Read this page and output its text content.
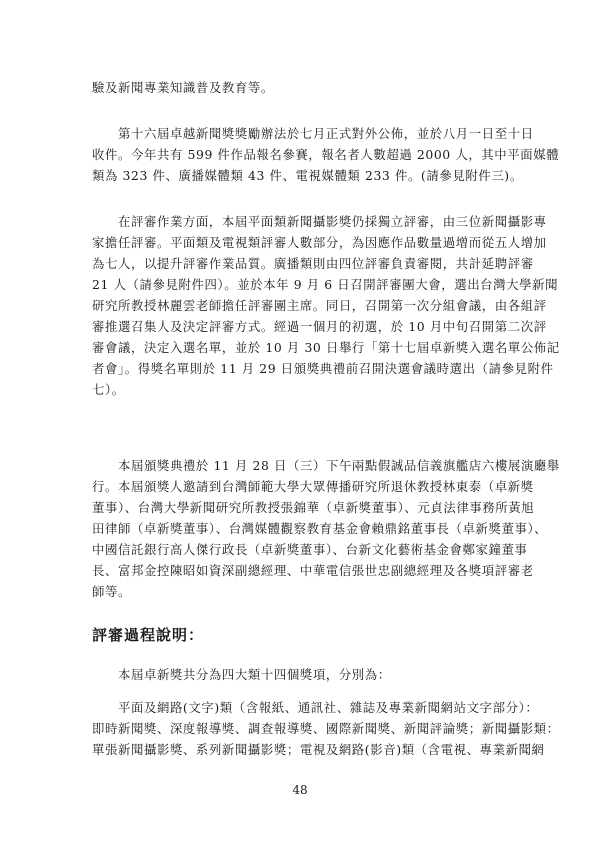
驗及新聞專業知識普及教育等。

　　第十六屆卓越新聞獎獎勵辦法於七月正式對外公佈，並於八月一日至十日
收件。今年共有 599 件作品報名參賽，報名者人數超過 2000 人，其中平面媒體
類為 323 件、廣播媒體類 43 件、電視媒體類 233 件。(請參見附件三)。

　　在評審作業方面，本屆平面類新聞攝影獎仍採獨立評審，由三位新聞攝影專
家擔任評審。平面類及電視類評審人數部分，為因應作品數量過增而從五人增加
為七人，以提升評審作業品質。廣播類則由四位評審負責審閱，共計延聘評審
21 人（請參見附件四）。並於本年 9 月 6 日召開評審團大會，選出台灣大學新聞
研究所教授林麗雲老師擔任評審團主席。同日，召開第一次分組會議，由各組評
審推選召集人及決定評審方式。經過一個月的初選，於 10 月中旬召開第二次評
審會議，決定入選名單，並於 10 月 30 日舉行「第十七屆卓新獎入選名單公佈記
者會」。得獎名單則於 11 月 29 日頒獎典禮前召開決選會議時選出（請參見附件
七）。

　　本屆頒獎典禮於 11 月 28 日（三）下午兩點假誠品信義旗艦店六樓展演廳舉
行。本屆頒獎人邀請到台灣師範大學大眾傳播研究所退休教授林東泰（卓新獎
董事）、台灣大學新聞研究所教授張錦華（卓新獎董事）、元貞法律事務所黃旭
田律師（卓新獎董事）、台灣媒體觀察教育基金會賴鼎銘董事長（卓新獎董事）、
中國信託銀行高人傑行政長（卓新獎董事）、台新文化藝術基金會鄭家鐘董事
長、富邦金控陳昭如資深副總經理、中華電信張世忠副總經理及各獎項評審老
師等。

評審過程說明：

　　本屆卓新獎共分為四大類十四個獎項，分別為：

　　平面及網路(文字)類（含報紙、通訊社、雜誌及專業新聞網站文字部分）：
即時新聞獎、深度報導獎、調查報導獎、國際新聞獎、新聞評論獎；新聞攝影類：
單張新聞攝影獎、系列新聞攝影獎；電視及網路(影音)類（含電視、專業新聞網

48
